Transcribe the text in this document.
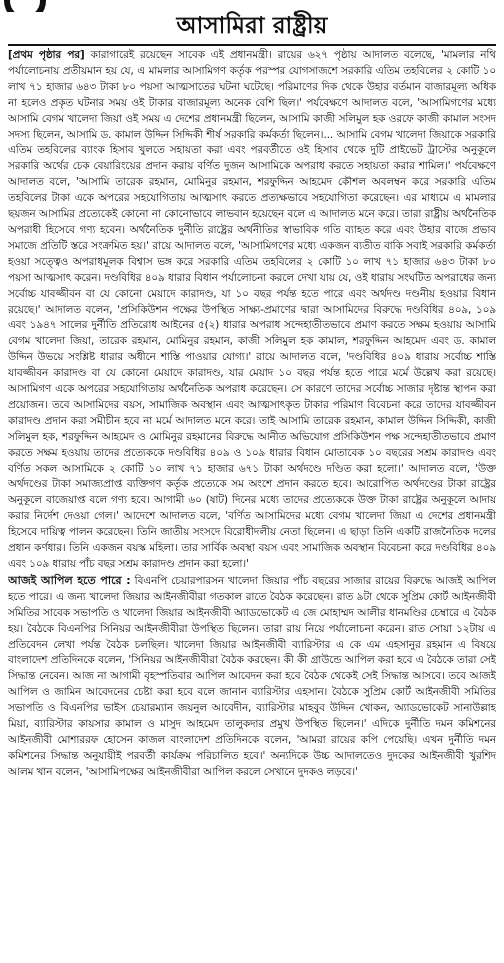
আসামিরা রাষ্ট্রীয়

[প্রথম পৃষ্ঠার পর] কারাগারেই রয়েছেন সাবেক এই প্রধানমন্ত্রী। রায়ের ৬২৭ পৃষ্ঠায় আদালত বলেছে, 'মামলার নথি পর্যালোচনায় প্রতীয়মান হয় যে, এ মামলার আসামিগণ কর্তৃক পরস্পর যোগসাজশে সরকারি এতিম তহবিলের ২ কোটি ১০ লাখ ৭১ হাজার ৬৪৩ টাকা ৮০ পয়সা আত্মসাতের ঘটনা ঘটেছে। পরিমাণের দিক থেকে উহার বর্তমান বাজারমূল্য অধিক না হলেও প্রকৃত ঘটনার সময় ওই টাকার বাজারমূল্য অনেক বেশি ছিল।' পর্যবেক্ষণে আদালত বলে, 'আসামিগণের মধ্যে আসামি বেগম খালেদা জিয়া ওই সময় এ দেশের প্রধানমন্ত্রী ছিলেন, আসামি কাজী সলিমুল হক ওরফে কাজী কামাল সংসদ সদস্য ছিলেন, আসামি ড. কামাল উদ্দিন সিদ্দিকী শীর্ষ সরকারি কর্মকর্তা ছিলেন।... আসামি বেগম খালেদা জিয়াকে সরকারি এতিম তহবিলের ব্যাংক হিসাব খুলতে সহায়তা করা এবং পরবর্তীতে ওই হিসাব থেকে দুটি প্রাইভেট ট্রাস্টের অনুকূলে সরকারি অর্থের চেক বেয়ারিংয়ের প্রদান করায় বর্ণিত দুজন আসামিকে অপরাধ করতে সহায়তা করার শামিল।' পর্যবেক্ষণে আদালত বলে, 'আসামি তারেক রহমান, মোমিনুর রহমান, শরফুদ্দিন আহমেদ কৌশল অবলম্বন করে সরকারি এতিম তহবিলের টাকা একে অপরের সহযোগিতায় আত্মসাৎ করতে প্রত্যক্ষভাবে সহযোগিতা করেছেন। এর মাধ্যমে এ মামলার ছয়জন আসামির প্রত্যেকেই কোনো না কোনোভাবে লাভবান হয়েছেন বলে এ আদালত মনে করে। তারা রাষ্ট্রীয় অর্থনৈতিক অপরাধী হিসেবে গণ্য হবেন। অর্থনৈতিক দুর্নীতি রাষ্ট্রের অর্থনীতির স্বাভাবিক গতি ব্যাহত করে এবং উহার বাজে প্রভাব সমাজে প্রতিটি স্তরে সংক্রমিত হয়।' রায়ে আদালত বলে, 'আসামিগণের মধ্যে একজন ব্যতীত বাকি সবাই সরকারি কর্মকর্তা হওয়া সত্ত্বেও অপরাধমূলক বিশ্বাস ভঙ্গ করে সরকারি এতিম তহবিলের ২ কোটি ১০ লাখ ৭১ হাজার ৬৪৩ টাকা ৮০ পয়সা আত্মসাৎ করেন। দণ্ডবিধির ৪০৯ ধারার বিধান পর্যালোচনা করলে দেখা যায় যে, ওই ধারায় সংঘটিত অপরাধের জন্য সর্বোচ্চ যাবজ্জীবন বা যে কোনো মেয়াদে কারাদণ্ড, যা ১০ বছর পর্যন্ত হতে পারে এবং অর্থদণ্ড দণ্ডনীয় হওয়ার বিধান রয়েছে।' আদালত বলেন, 'প্রসিকিউশন পক্ষের উপস্থিত সাক্ষ্য-প্রমাণের দ্বারা আসামিদের বিরুদ্ধে দণ্ডবিধির ৪০৯, ১০৯ এবং ১৯৪৭ সালের দুর্নীতি প্রতিরোধ আইনের ৫(২) ধারার অপরাধ সন্দেহাতীতভাবে প্রমাণ করতে সক্ষম হওয়ায় আসামি বেগম খালেদা জিয়া, তারেক রহমান, মোমিনুর রহমান, কাজী সলিমুল হক কামাল, শরফুদ্দিন আহমেদ এবং ড. কামাল উদ্দিন উভয়ে সংশ্লিষ্ট ধারার অধীনে শাস্তি পাওয়ার যোগ্য।' রায়ে আদালত বলে, 'দণ্ডবিধির ৪০৯ ধারায় সর্বোচ্চ শাস্তি যাবজ্জীবন কারাদণ্ড বা যে কোনো মেয়াদে কারাদণ্ড, যার মেয়াদ ১০ বছর পর্যন্ত হতে পারে মর্মে উল্লেখ করা রয়েছে। আসামিগণ একে অপরের সহযোগিতায় অর্থনৈতিক অপরাধ করেছেন। সে কারণে তাদের সর্বোচ্চ সাজার দৃষ্টান্ত স্থাপন করা প্রয়োজন। তবে আসামিদের বয়স, সামাজিক অবস্থান এবং আত্মসাৎকৃত টাকার পরিমাণ বিবেচনা করে তাদের যাবজ্জীবন কারাদণ্ড প্রদান করা সমীচীন হবে না মর্মে আদালত মনে করে। তাই আসামি তারেক রহমান, কামাল উদ্দিন সিদ্দিকী, কাজী সলিমুল হক, শরফুদ্দিন আহমেদ ও মোমিনুর রহমানের বিরুদ্ধে আনীত অভিযোগ প্রসিকিউশন পক্ষ সন্দেহাতীতভাবে প্রমাণ করতে সক্ষম হওয়ায় তাদের প্রত্যেককে দণ্ডবিধির ৪০৯ ও ১০৯ ধারার বিধান মোতাবেক ১০ বছরের সশ্রম কারাদণ্ড এবং বর্ণিত সকল আসামিকে ২ কোটি ১০ লাখ ৭১ হাজার ৬৭১ টাকা অর্থদণ্ডে দণ্ডিত করা হলো।' আদালত বলে, 'উক্ত অর্থদণ্ডের টাকা সমাজ্যপ্রাপ্ত ব্যক্তিগণ কর্তৃক প্রত্যেকে সম অংশে প্রদান করতে হবে। আরোপিত অর্থদণ্ডের টাকা রাষ্ট্রের অনুকূলে বাজেয়াপ্ত বলে গণ্য হবে। আগামী ৬০ (ষাট) দিনের মধ্যে তাদের প্রত্যেককে উক্ত টাকা রাষ্ট্রের অনুকূলে আদায় করার নির্দেশ দেওয়া গেল।' আদেশে আদালত বলে, 'বর্ণিত আসামিদের মধ্যে বেগম খালেদা জিয়া এ দেশের প্রধানমন্ত্রী হিসেবে দায়িত্ব পালন করেছেন। তিনি জাতীয় সংসদে বিরোধীদলীয় নেতা ছিলেন। এ ছাড়া তিনি একটি রাজনৈতিক দলের প্রধান কর্ণধার। তিনি একজন বয়স্ক মহিলা। তার সার্বিক অবস্থা বয়স এবং সামাজিক অবস্থান বিবেচনা করে দণ্ডবিধির ৪০৯ এবং ১০৯ ধারায় পাঁচ বছর সশ্রম কারাদণ্ড প্রদান করা হলো।'

আজই আপিল হতে পারে : বিএনপি চেয়ারপারসন খালেদা জিয়ার পাঁচ বছরের সাজার রায়ের বিরুদ্ধে আজই আপিল হতে পারে। এ জন্য খালেদা জিয়ার আইনজীবীরা গতকাল রাতে বৈঠক করেছেন। রাত ৯টা থেকে সুপ্রিম কোর্ট আইনজীবী সমিতির সাবেক সভাপতি ও খালেদা জিয়ার আইনজীবী অ্যাডভোকেট এ জে মোহাম্মদ আলীর ধানমণ্ডির চেম্বারে এ বৈঠক হয়। বৈঠকে বিএনপির সিনিয়র আইনজীবীরা উপস্থিত ছিলেন। তারা রায় নিয়ে পর্যালোচনা করেন। রাত সোয়া ১২টায় এ প্রতিবেদন লেখা পর্যন্ত বৈঠক চলছিল। খালেদা জিয়ার আইনজীবী ব্যারিস্টার এ কে এম এহসানুর রহমান এ বিষয়ে বাংলাদেশ প্রতিদিনকে বলেন, 'সিনিয়র আইনজীবীরা বৈঠক করছেন। কী কী গ্রাউন্ডে আপিল করা হবে এ বৈঠকে তারা সেই সিদ্ধান্ত নেবেন। আজ না আগামী বৃহস্পতিবার আপিল আবেদন করা হবে বৈঠক থেকেই সেই সিদ্ধান্ত আসবে। তবে আজই আপিল ও জামিন আবেদনের চেষ্টা করা হবে বলে জানান ব্যারিস্টার এহসান। বৈঠকে সুপ্রিম কোর্ট আইনজীবী সমিতির সভাপতি ও বিএনপির ভাইস চেয়ারম্যান জয়নুল আবেদীন, ব্যারিস্টার মাহবুব উদ্দিন খোকন, অ্যাডভোকেট সানাউল্লাহ মিয়া, ব্যারিস্টার কায়সার কামাল ও মাসুদ আহমেদ তালুকদার প্রমুখ উপস্থিত ছিলেন।' এদিকে দুর্নীতি দমন কমিশনের আইনজীবী মোশাররফ হোসেন কাজল বাংলাদেশ প্রতিদিনকে বলেন, 'আমরা রায়ের কপি পেয়েছি। এখন দুর্নীতি দমন কমিশনের সিদ্ধান্ত অনুযায়ীই পরবর্তী কার্যক্রম পরিচালিত হবে।' অন্যদিকে উচ্চ আদালতেও দুদকের আইনজীবী খুরশিদ আলম খান বলেন, 'আসামিপক্ষের আইনজীবীরা আপিল করলে সেখানে দুদকও লড়বে।'
